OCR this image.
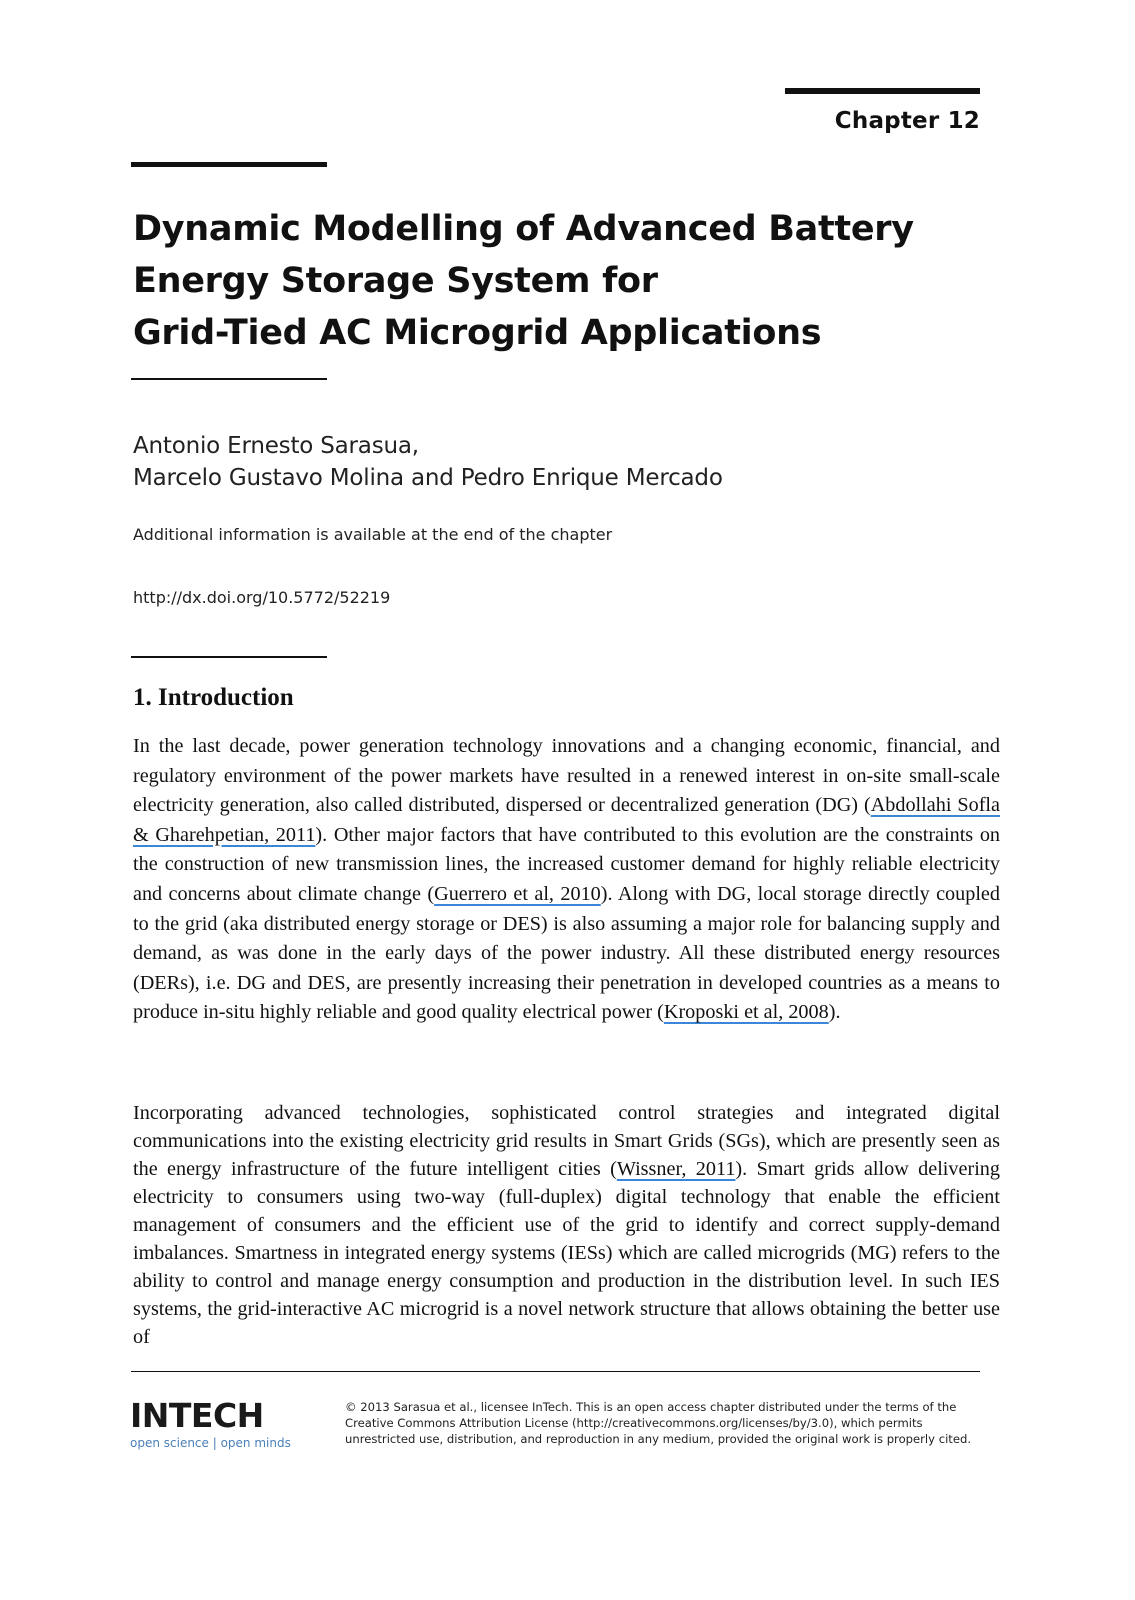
Chapter 12
Dynamic Modelling of Advanced Battery
Energy Storage System for
Grid-Tied AC Microgrid Applications
Antonio Ernesto Sarasua,
Marcelo Gustavo Molina and Pedro Enrique Mercado
Additional information is available at the end of the chapter
http://dx.doi.org/10.5772/52219
1. Introduction
In the last decade, power generation technology innovations and a changing economic, financial, and regulatory environment of the power markets have resulted in a renewed interest in on-site small-scale electricity generation, also called distributed, dispersed or decentralized generation (DG) (Abdollahi Sofla & Gharehpetian, 2011). Other major factors that have contributed to this evolution are the constraints on the construction of new transmission lines, the increased customer demand for highly reliable electricity and concerns about climate change (Guerrero et al, 2010). Along with DG, local storage directly coupled to the grid (aka distributed energy storage or DES) is also assuming a major role for balancing supply and demand, as was done in the early days of the power industry. All these distributed energy resources (DERs), i.e. DG and DES, are presently increasing their penetration in developed countries as a means to produce in-situ highly reliable and good quality electrical power (Kroposki et al, 2008).
Incorporating advanced technologies, sophisticated control strategies and integrated digital communications into the existing electricity grid results in Smart Grids (SGs), which are presently seen as the energy infrastructure of the future intelligent cities (Wissner, 2011). Smart grids allow delivering electricity to consumers using two-way (full-duplex) digital technology that enable the efficient management of consumers and the efficient use of the grid to identify and correct supply-demand imbalances. Smartness in integrated energy systems (IESs) which are called microgrids (MG) refers to the ability to control and manage energy consumption and production in the distribution level. In such IES systems, the grid-interactive AC microgrid is a novel network structure that allows obtaining the better use of
INTECH
open science | open minds
© 2013 Sarasua et al., licensee InTech. This is an open access chapter distributed under the terms of the
Creative Commons Attribution License (http://creativecommons.org/licenses/by/3.0), which permits
unrestricted use, distribution, and reproduction in any medium, provided the original work is properly cited.
